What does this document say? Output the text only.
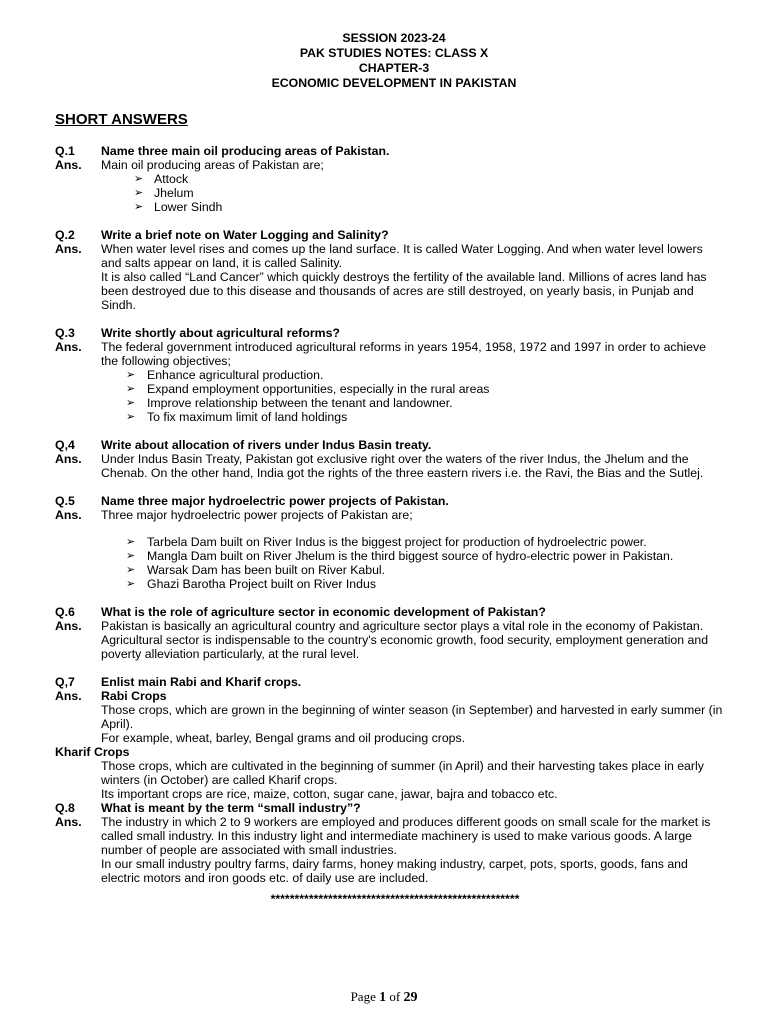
SESSION 2023-24
PAK STUDIES NOTES: CLASS X
CHAPTER-3
ECONOMIC DEVELOPMENT IN PAKISTAN
SHORT ANSWERS
Q.1	Name three main oil producing areas of Pakistan.
Ans.	Main oil producing areas of Pakistan are;
➢ Attock
➢ Jhelum
➢ Lower Sindh
Q.2	Write a brief note on Water Logging and Salinity?
Ans.	When water level rises and comes up the land surface. It is called Water Logging. And when water level lowers and salts appear on land, it is called Salinity.
It is also called “Land Cancer” which quickly destroys the fertility of the available land. Millions of acres land has been destroyed due to this disease and thousands of acres are still destroyed, on yearly basis, in Punjab and Sindh.
Q.3	Write shortly about agricultural reforms?
Ans.	The federal government introduced agricultural reforms in years 1954, 1958, 1972 and 1997 in order to achieve the following objectives;
➢ Enhance agricultural production.
➢ Expand employment opportunities, especially in the rural areas
➢ Improve relationship between the tenant and landowner.
➢ To fix maximum limit of land holdings
Q,4	Write about allocation of rivers under Indus Basin treaty.
Ans.	Under Indus Basin Treaty, Pakistan got exclusive right over the waters of the river Indus, the Jhelum and the Chenab. On the other hand, India got the rights of the three eastern rivers i.e. the Ravi, the Bias and the Sutlej.
Q.5	Name three major hydroelectric power projects of Pakistan.
Ans.	Three major hydroelectric power projects of Pakistan are;
➢ Tarbela Dam built on River Indus is the biggest project for production of hydroelectric power.
➢ Mangla Dam built on River Jhelum is the third biggest source of hydro-electric power in Pakistan.
➢ Warsak Dam has been built on River Kabul.
➢ Ghazi Barotha Project built on River Indus
Q.6	What is the role of agriculture sector in economic development of Pakistan?
Ans.	Pakistan is basically an agricultural country and agriculture sector plays a vital role in the economy of Pakistan. Agricultural sector is indispensable to the country's economic growth, food security, employment generation and poverty alleviation particularly, at the rural level.
Q,7	Enlist main Rabi and Kharif crops.
Ans.	Rabi Crops
Those crops, which are grown in the beginning of winter season (in September) and harvested in early summer (in April).
For example, wheat, barley, Bengal grams and oil producing crops.
Kharif Crops
Those crops, which are cultivated in the beginning of summer (in April) and their harvesting takes place in early winters (in October) are called Kharif crops.
Its important crops are rice, maize, cotton, sugar cane, jawar, bajra and tobacco etc.
Q.8	What is meant by the term “small industry”?
Ans.	The industry in which 2 to 9 workers are employed and produces different goods on small scale for the market is called small industry. In this industry light and intermediate machinery is used to make various goods. A large number of people are associated with small industries.
In our small industry poultry farms, dairy farms, honey making industry, carpet, pots, sports, goods, fans and electric motors and iron goods etc. of daily use are included.
****************************************************
Page 1 of 29
